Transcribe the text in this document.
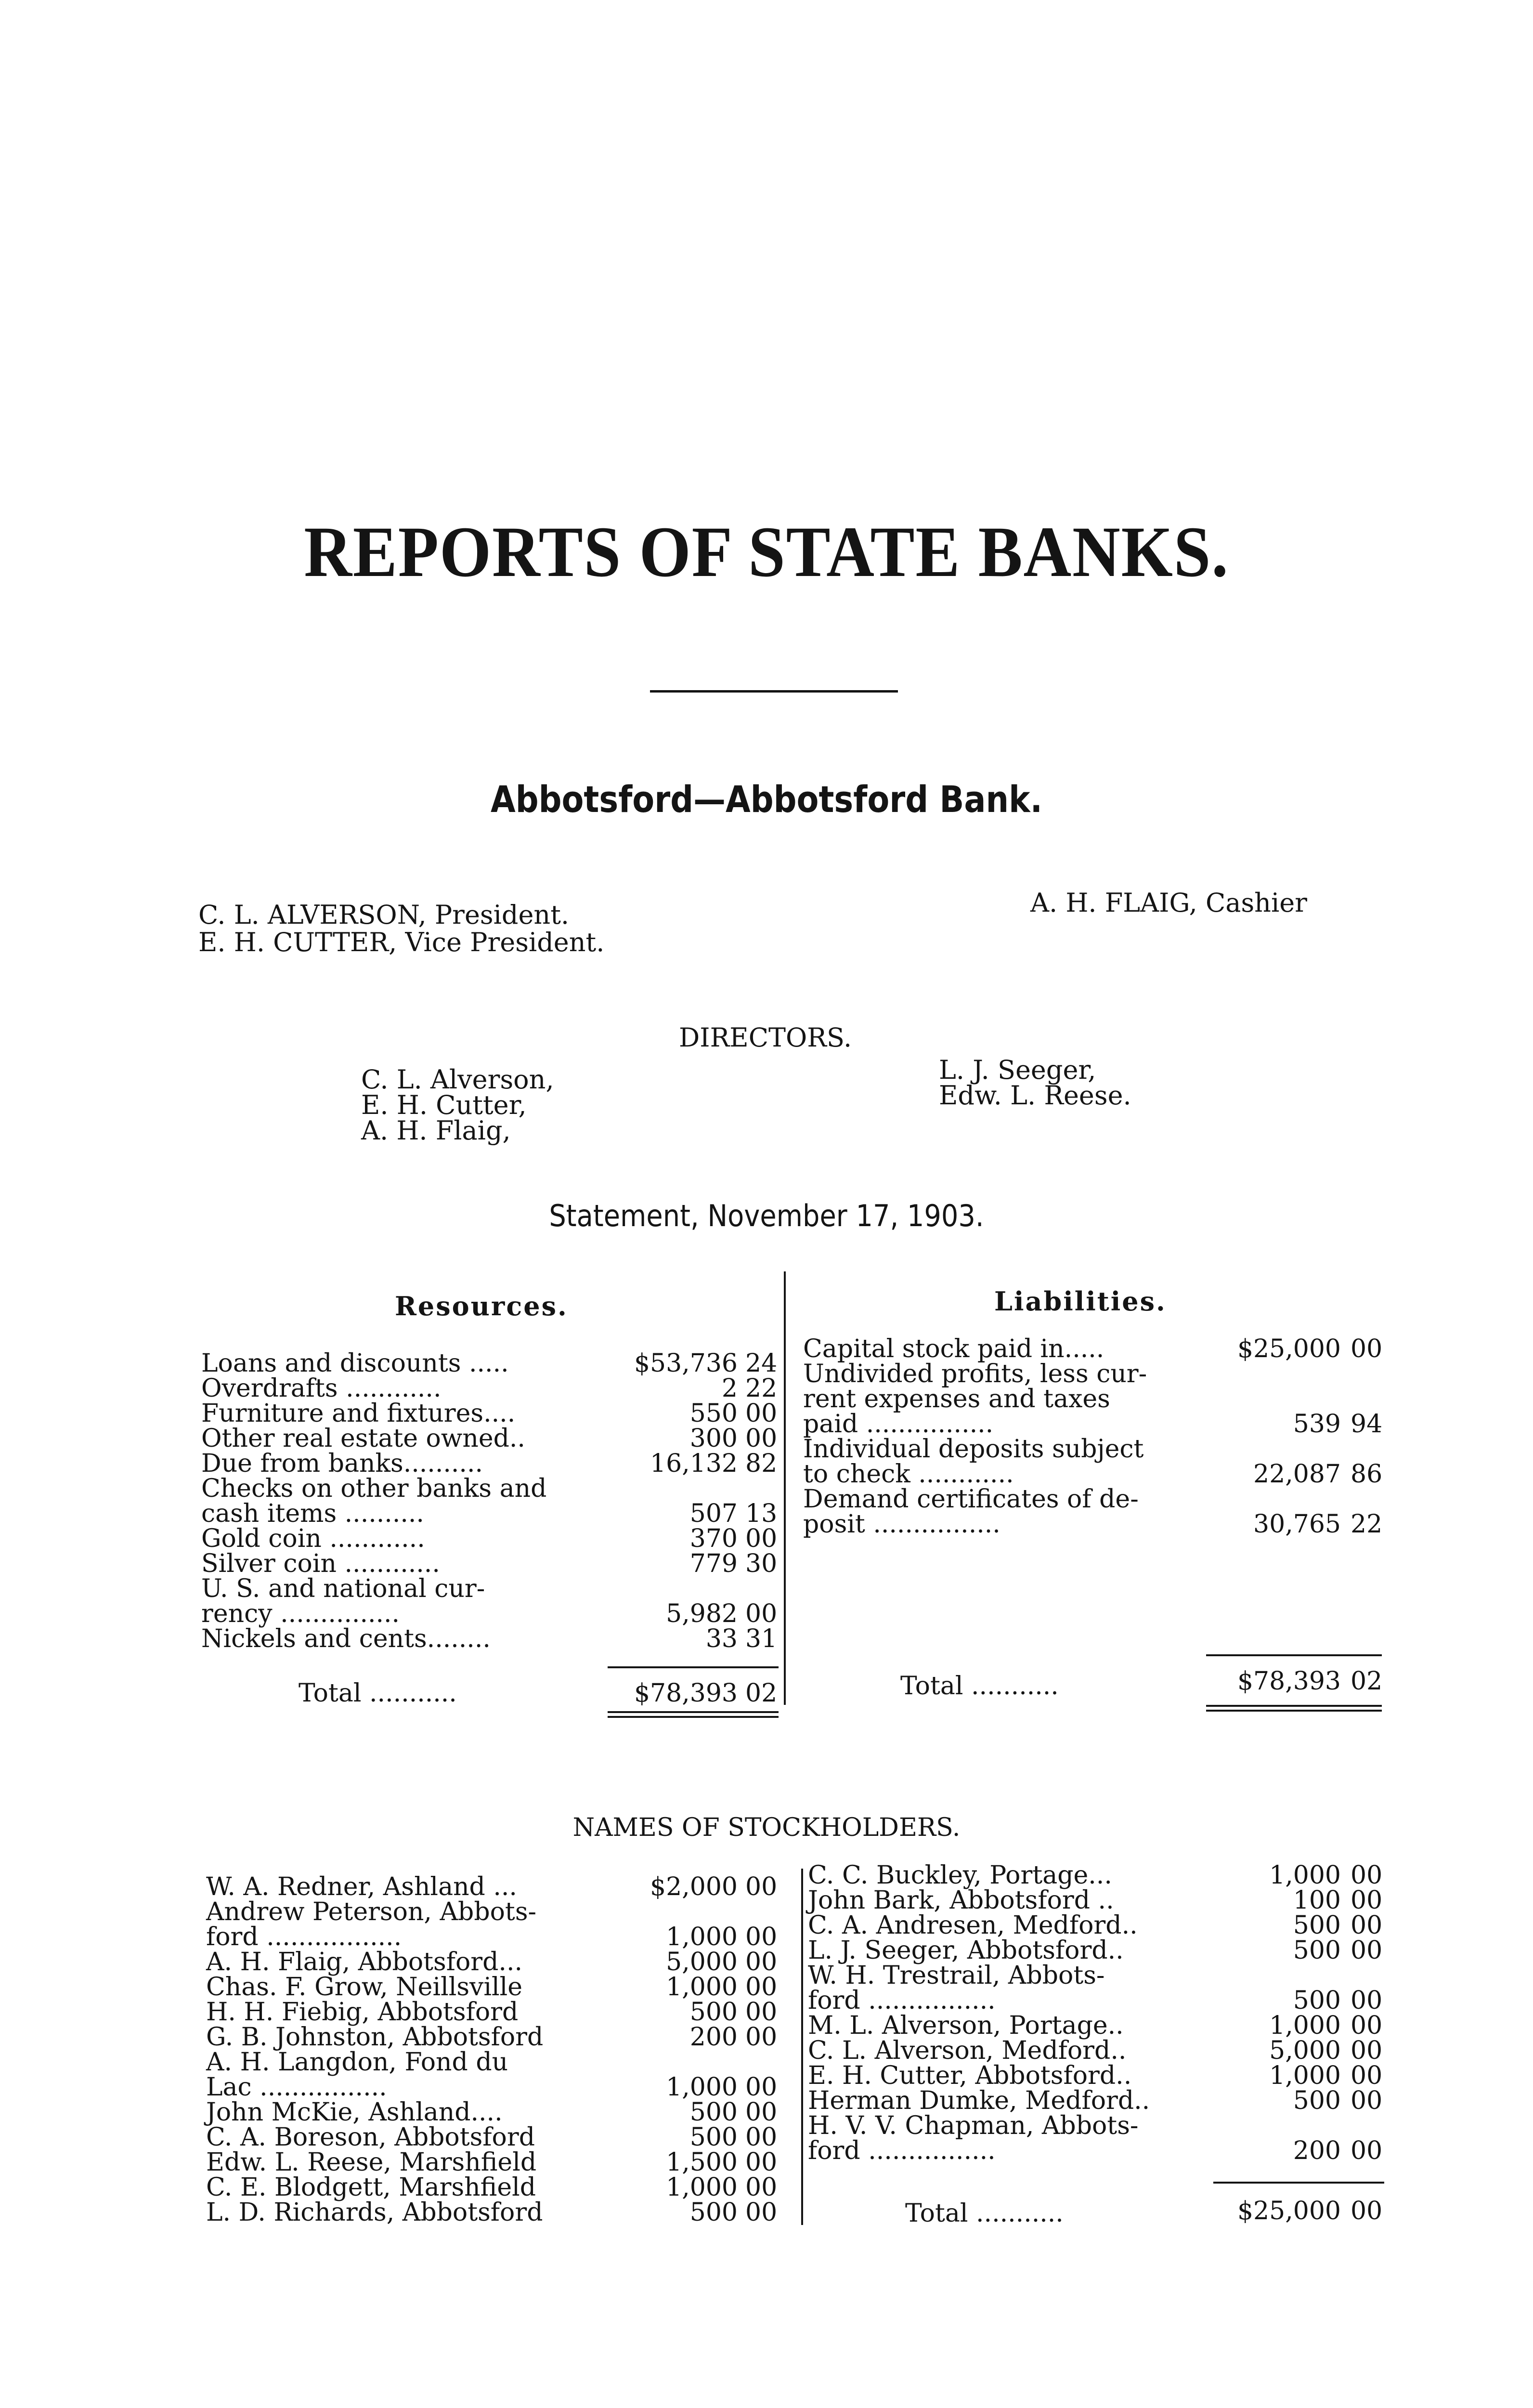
REPORTS OF STATE BANKS.
Abbotsford—Abbotsford Bank.
C. L. ALVERSON, President.
E. H. CUTTER, Vice President.
A. H. FLAIG, Cashier
DIRECTORS.
C. L. Alverson,
E. H. Cutter,
A. H. Flaig,
L. J. Seeger,
Edw. L. Reese.
Statement, November 17, 1903.
Resources.	Liabilities.
Loans and discounts .....	$53,736 24
Overdrafts ............	2 22
Furniture and fixtures....	550 00
Other real estate owned..	300 00
Due from banks..........	16,132 82
Checks on other banks and
cash items ..........	507 13
Gold coin ............	370 00
Silver coin ............	779 30
U. S. and national cur-
rency ...............	5,982 00
Nickels and cents........	33 31
Capital stock paid in.....	$25,000 00
Undivided profits, less cur-
rent expenses and taxes
paid ................	539 94
Individual deposits subject
to check ............	22,087 86
Demand certificates of de-
posit ................	30,765 22
Total ...........	$78,393 02	Total ...........	$78,393 02
NAMES OF STOCKHOLDERS.
W. A. Redner, Ashland ...	$2,000 00
Andrew Peterson, Abbots-
ford .................	1,000 00
A. H. Flaig, Abbotsford...	5,000 00
Chas. F. Grow, Neillsville	1,000 00
H. H. Fiebig, Abbotsford	500 00
G. B. Johnston, Abbotsford	200 00
A. H. Langdon, Fond du
Lac ................	1,000 00
John McKie, Ashland....	500 00
C. A. Boreson, Abbotsford	500 00
Edw. L. Reese, Marshfield	1,500 00
C. E. Blodgett, Marshfield	1,000 00
L. D. Richards, Abbotsford	500 00
C. C. Buckley, Portage...	1,000 00
John Bark, Abbotsford ..	100 00
C. A. Andresen, Medford..	500 00
L. J. Seeger, Abbotsford..	500 00
W. H. Trestrail, Abbots-
ford ................	500 00
M. L. Alverson, Portage..	1,000 00
C. L. Alverson, Medford..	5,000 00
E. H. Cutter, Abbotsford..	1,000 00
Herman Dumke, Medford..	500 00
H. V. V. Chapman, Abbots-
ford ................	200 00
Total ...........	$25,000 00
